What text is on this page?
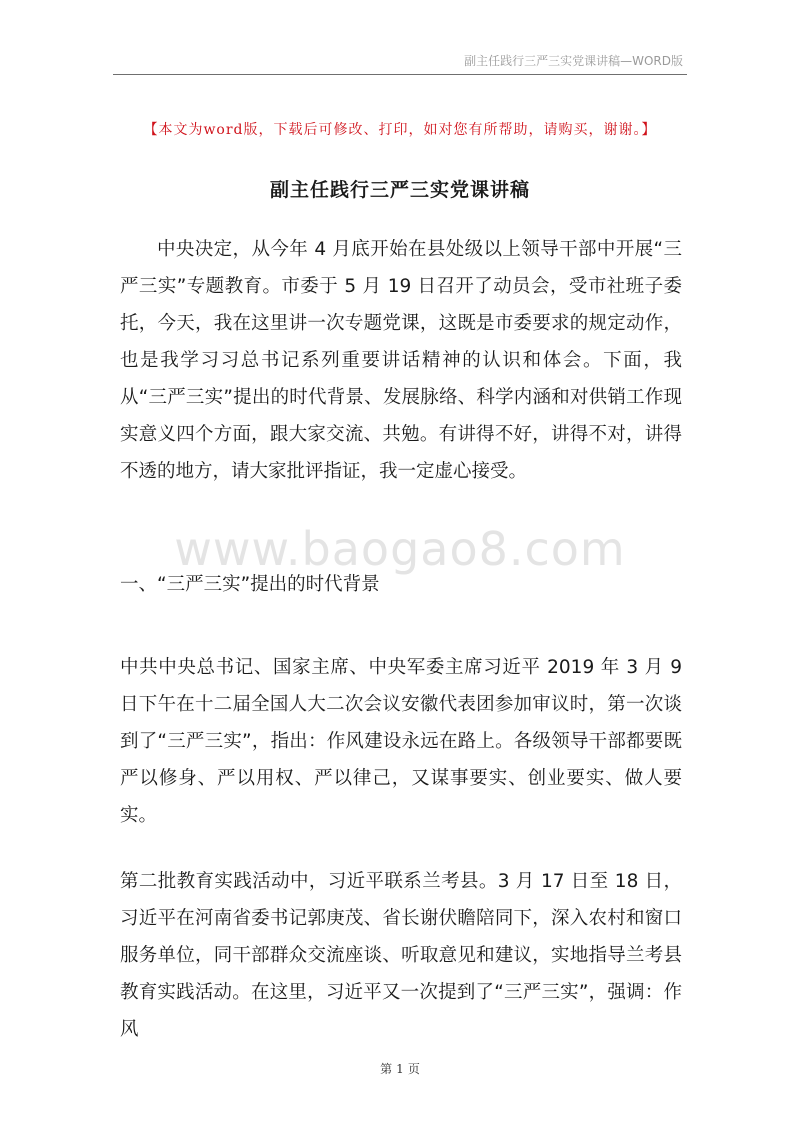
副主任践行三严三实党课讲稿—WORD版
【本文为word版，下载后可修改、打印，如对您有所帮助，请购买，谢谢。】
副主任践行三严三实党课讲稿

中央决定，从今年 4 月底开始在县处级以上领导干部中开展“三严三实”专题教育。市委于 5 月 19 日召开了动员会，受市社班子委托，今天，我在这里讲一次专题党课，这既是市委要求的规定动作，也是我学习习总书记系列重要讲话精神的认识和体会。下面，我从“三严三实”提出的时代背景、发展脉络、科学内涵和对供销工作现实意义四个方面，跟大家交流、共勉。有讲得不好，讲得不对，讲得不透的地方，请大家批评指证，我一定虚心接受。

www.baogao8.com
一、“三严三实”提出的时代背景

中共中央总书记、国家主席、中央军委主席习近平 2019 年 3 月 9 日下午在十二届全国人大二次会议安徽代表团参加审议时，第一次谈到了“三严三实”，指出：作风建设永远在路上。各级领导干部都要既严以修身、严以用权、严以律己，又谋事要实、创业要实、做人要实。

第二批教育实践活动中，习近平联系兰考县。3 月 17 日至 18 日，习近平在河南省委书记郭庚茂、省长谢伏瞻陪同下，深入农村和窗口服务单位，同干部群众交流座谈、听取意见和建议，实地指导兰考县教育实践活动。在这里，习近平又一次提到了“三严三实”，强调：作风

第 1 页
